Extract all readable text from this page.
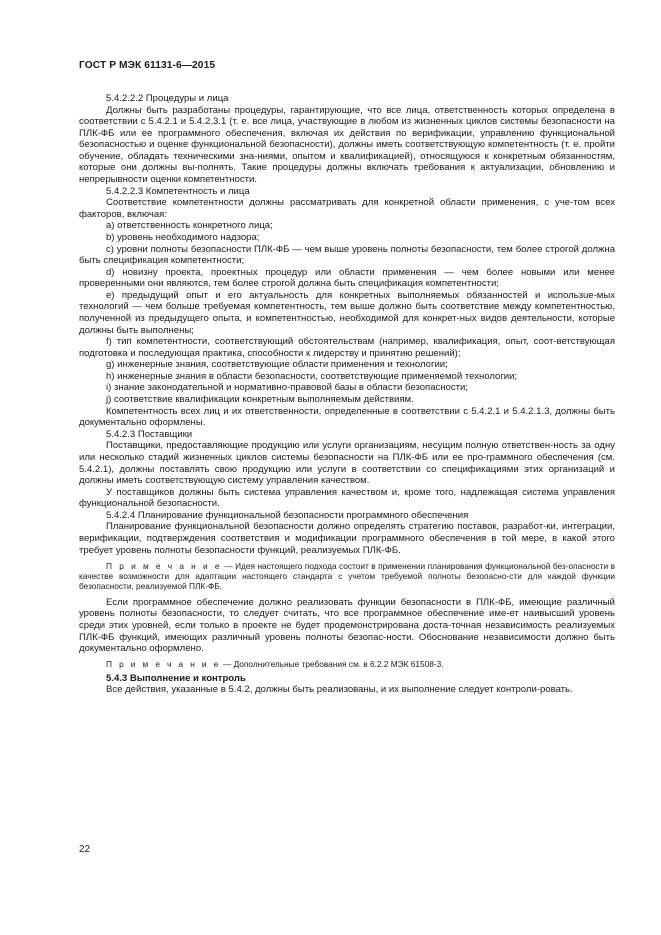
ГОСТ Р МЭК 61131-6—2015

5.4.2.2.2 Процедуры и лица

Должны быть разработаны процедуры, гарантирующие, что все лица, ответственность которых определена в соответствии с 5.4.2.1 и 5.4.2.3.1 (т. е. все лица, участвующие в любом из жизненных циклов системы безопасности на ПЛК-ФБ или ее программного обеспечения, включая их действия по верификации, управлению функциональной безопасностью и оценке функциональной безопасности), должны иметь соответствующую компетентность (т. е. пройти обучение, обладать техническими зна-ниями, опытом и квалификацией), относящуюся к конкретным обязанностям, которые они должны вы-полнять. Такие процедуры должны включать требования к актуализации, обновлению и непрерывности оценки компетентности.

5.4.2.2.3 Компетентность и лица

Соответствие компетентности должны рассматривать для конкретной области применения, с уче-том всех факторов, включая:

a) ответственность конкретного лица;

b) уровень необходимого надзора;

c) уровни полноты безопасности ПЛК-ФБ — чем выше уровень полноты безопасности, тем более строгой должна быть спецификация компетентности;

d) новизну проекта, проектных процедур или области применения — чем более новыми или менее проверенными они являются, тем более строгой должна быть спецификация компетентности;

e) предыдущий опыт и его актуальность для конкретных выполняемых обязанностей и использue-мых технологий — чем больше требуемая компетентность, тем выше должно быть соответствие между компетентностью, полученной из предыдущего опыта, и компетентностью, необходимой для конкрет-ных видов деятельности, которые должны быть выполнены;

f) тип компетентности, соответствующий обстоятельствам (например, квалификация, опыт, соот-ветствующая подготовка и последующая практика, способности к лидерству и принятию решений);

g) инженерные знания, соответствующие области применения и технологии;

h) инженерные знания в области безопасности, соответствующие применяемой технологии;

i) знание законодательной и нормативно-правовой базы в области безопасности;

j) соответствие квалификации конкретным выполняемым действиям.

Компетентность всех лиц и их ответственности, определенные в соответствии с 5.4.2.1 и 5.4.2.1.3, должны быть документально оформлены.

5.4.2.3 Поставщики

Поставщики, предоставляющие продукцию или услуги организациям, несущим полную ответствен-ность за одну или несколько стадий жизненных циклов системы безопасности на ПЛК-ФБ или ее про-граммного обеспечения (см. 5.4.2.1), должны поставлять свою продукцию или услуги в соответствии со спецификациями этих организаций и должны иметь соответствующую систему управления качеством.

У поставщиков должны быть система управления качеством и, кроме того, надлежащая система управления функциональной безопасности.

5.4.2.4 Планирование функциональной безопасности программного обеспечения

Планирование функциональной безопасности должно определять стратегию поставок, разработ-ки, интеграции, верификации, подтверждения соответствия и модификации программного обеспечения в той мере, в какой этого требует уровень полноты безопасности функций, реализуемых ПЛК-ФБ.

П р и м е ч а н и е — Идея настоящего подхода состоит в применении планирования функциональной без-опасности в качестве возможности для адаптации настоящего стандарта с учетом требуемой полноты безопасно-сти для каждой функции безопасности, реализуемой ПЛК-ФБ.

Если программное обеспечение должно реализовать функции безопасности в ПЛК-ФБ, имеющие различный уровень полноты безопасности, то следует считать, что все программное обеспечение име-ет наивысший уровень среди этих уровней, если только в проекте не будет продемонстрирована доста-точная независимость реализуемых ПЛК-ФБ функций, имеющих различный уровень полноты безопас-ности. Обоснование независимости должно быть документально оформлено.

П р и м е ч а н и е — Дополнительные требования см. в 6.2.2 МЭК 61508-3.

5.4.3 Выполнение и контроль

Все действия, указанные в 5.4.2, должны быть реализованы, и их выполнение следует контроли-ровать.

22
